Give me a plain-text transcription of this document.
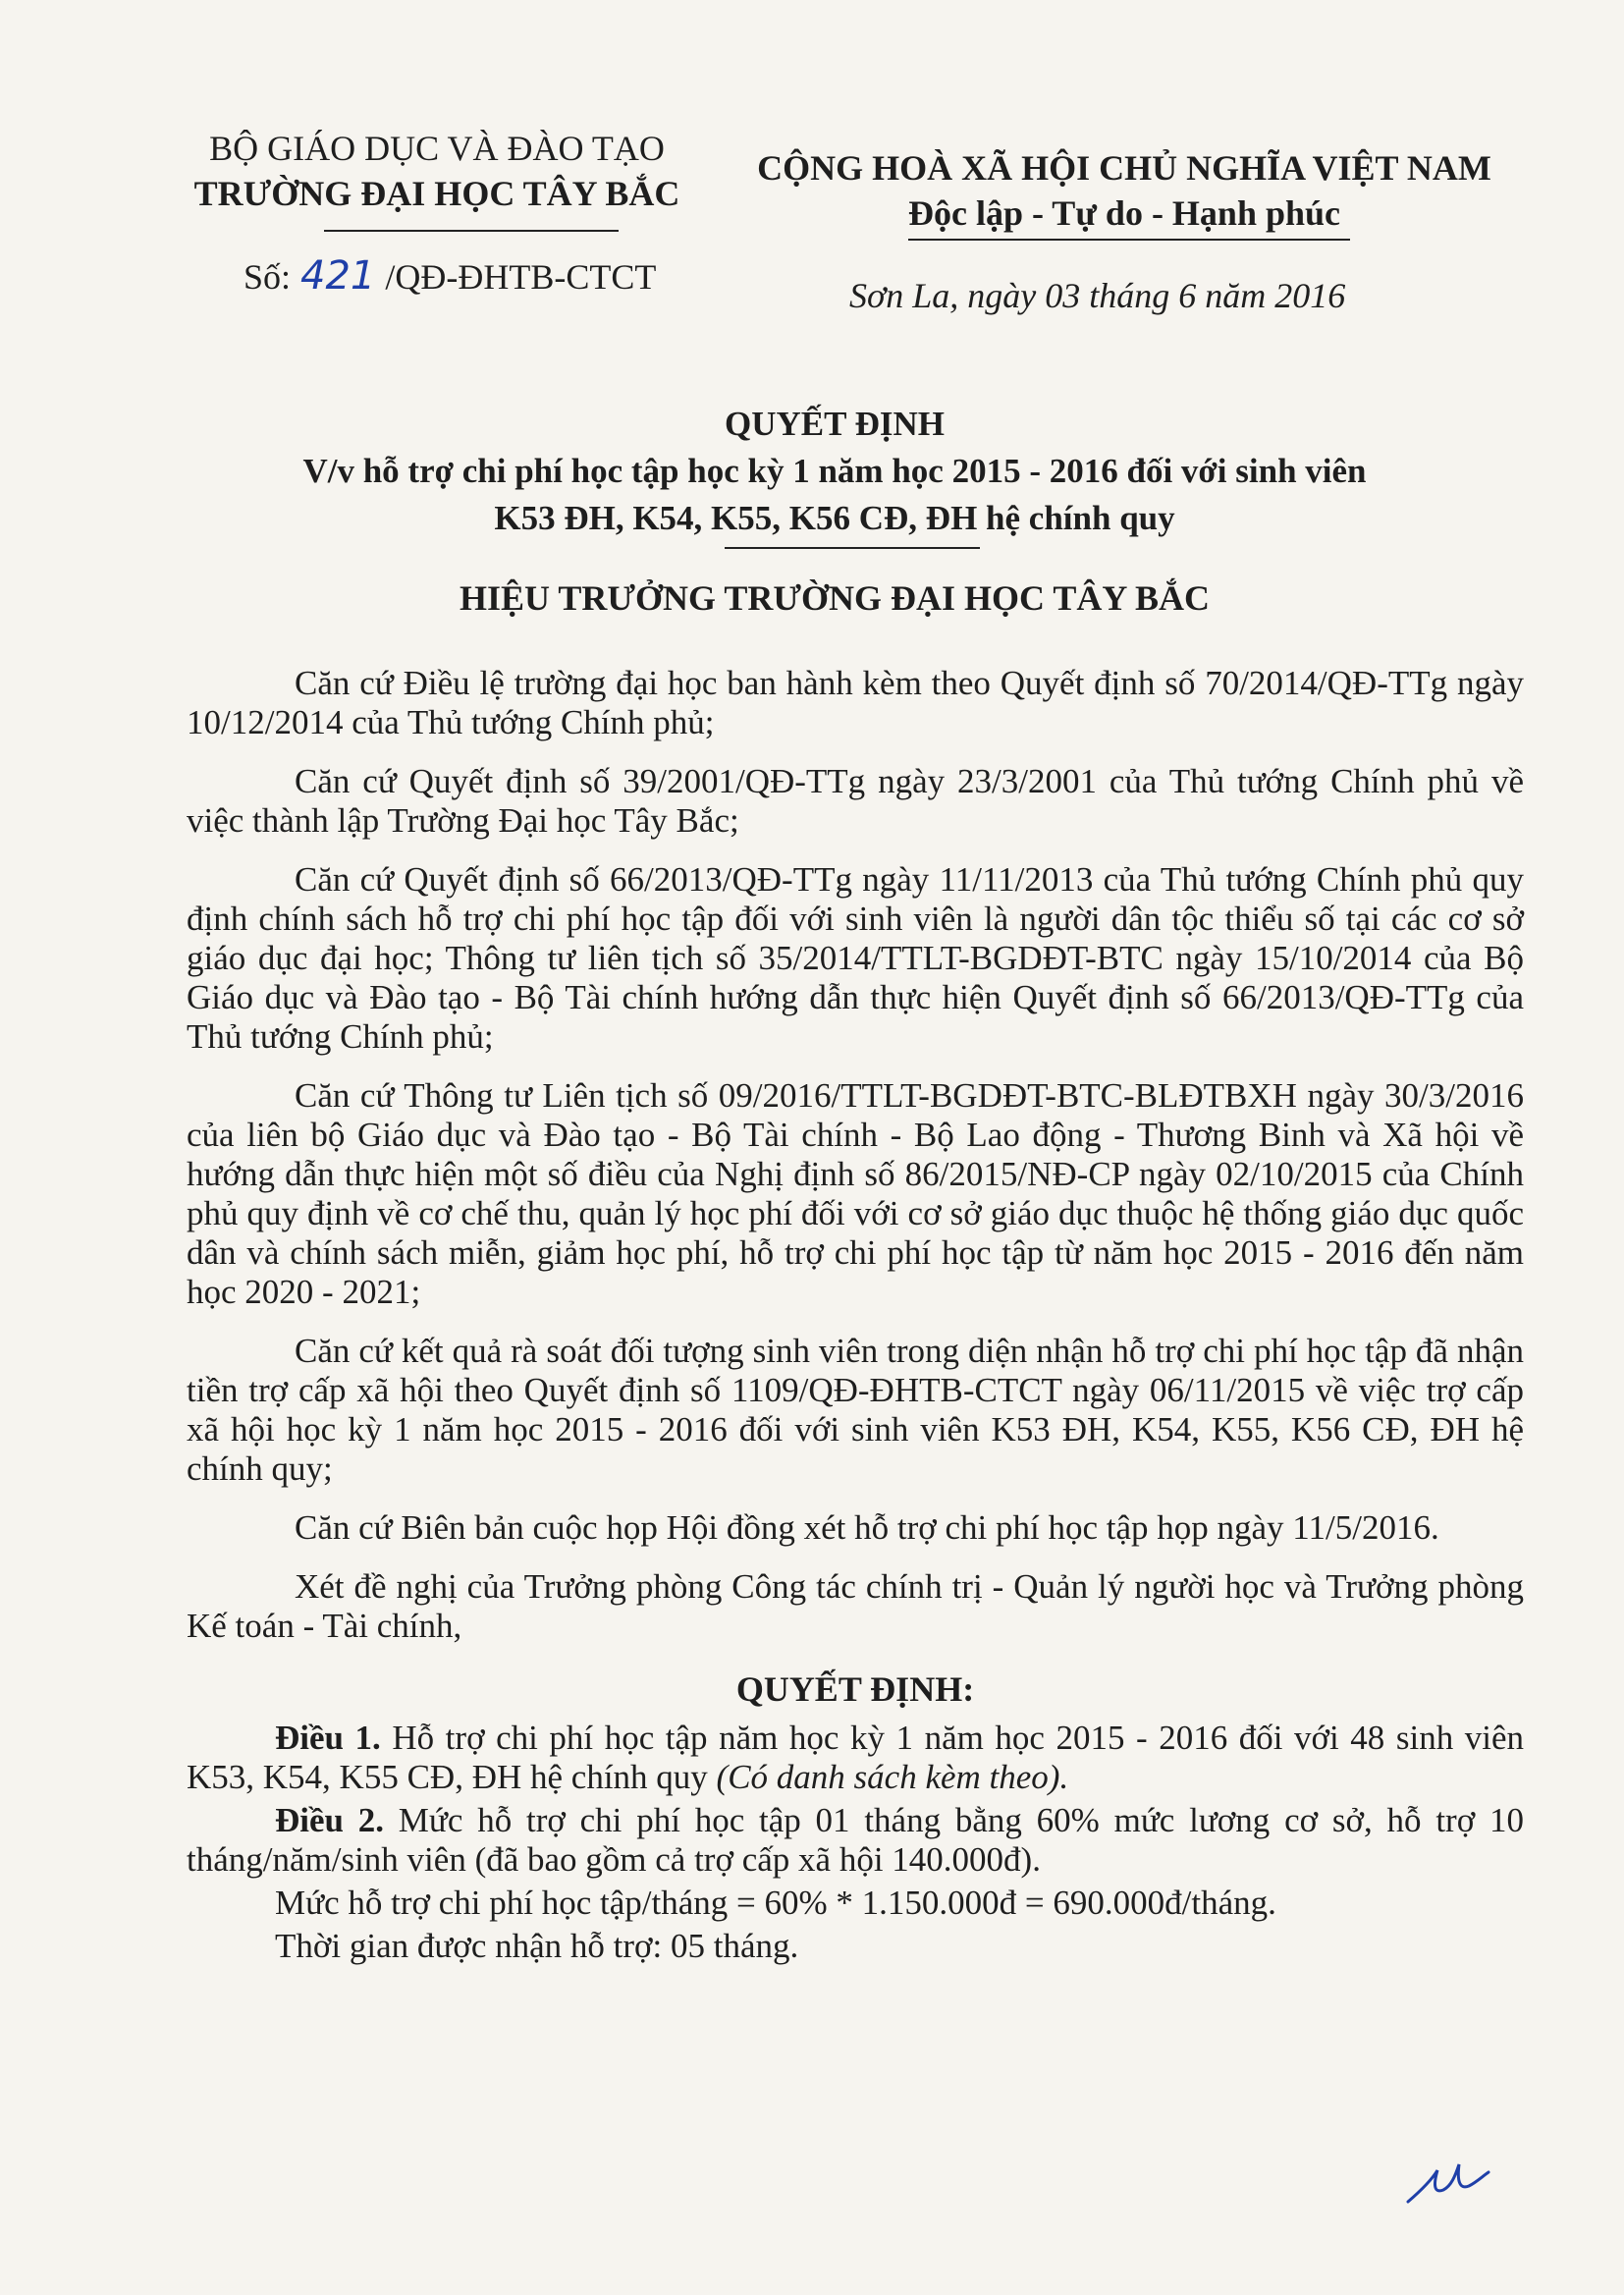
BỘ GIÁO DỤC VÀ ĐÀO TẠO
TRƯỜNG ĐẠI HỌC TÂY BẮC
Số: 421 /QĐ-ĐHTB-CTCT
CỘNG HOÀ XÃ HỘI CHỦ NGHĨA VIỆT NAM
Độc lập - Tự do - Hạnh phúc
Sơn La, ngày 03 tháng 6 năm 2016
QUYẾT ĐỊNH
V/v hỗ trợ chi phí học tập học kỳ 1 năm học 2015 - 2016 đối với sinh viên
K53 ĐH, K54, K55, K56 CĐ, ĐH hệ chính quy
HIỆU TRƯỞNG TRƯỜNG ĐẠI HỌC TÂY BẮC

Căn cứ Điều lệ trường đại học ban hành kèm theo Quyết định số 70/2014/QĐ-TTg ngày 10/12/2014 của Thủ tướng Chính phủ;

Căn cứ Quyết định số 39/2001/QĐ-TTg ngày 23/3/2001 của Thủ tướng Chính phủ về việc thành lập Trường Đại học Tây Bắc;

Căn cứ Quyết định số 66/2013/QĐ-TTg ngày 11/11/2013 của Thủ tướng Chính phủ quy định chính sách hỗ trợ chi phí học tập đối với sinh viên là người dân tộc thiểu số tại các cơ sở giáo dục đại học; Thông tư liên tịch số 35/2014/TTLT-BGDĐT-BTC ngày 15/10/2014 của Bộ Giáo dục và Đào tạo - Bộ Tài chính hướng dẫn thực hiện Quyết định số 66/2013/QĐ-TTg của Thủ tướng Chính phủ;

Căn cứ Thông tư Liên tịch số 09/2016/TTLT-BGDĐT-BTC-BLĐTBXH ngày 30/3/2016 của liên bộ Giáo dục và Đào tạo - Bộ Tài chính - Bộ Lao động - Thương Binh và Xã hội về hướng dẫn thực hiện một số điều của Nghị định số 86/2015/NĐ-CP ngày 02/10/2015 của Chính phủ quy định về cơ chế thu, quản lý học phí đối với cơ sở giáo dục thuộc hệ thống giáo dục quốc dân và chính sách miễn, giảm học phí, hỗ trợ chi phí học tập từ năm học 2015 - 2016 đến năm học 2020 - 2021;

Căn cứ kết quả rà soát đối tượng sinh viên trong diện nhận hỗ trợ chi phí học tập đã nhận tiền trợ cấp xã hội theo Quyết định số 1109/QĐ-ĐHTB-CTCT ngày 06/11/2015 về việc trợ cấp xã hội học kỳ 1 năm học 2015 - 2016 đối với sinh viên K53 ĐH, K54, K55, K56 CĐ, ĐH hệ chính quy;

Căn cứ Biên bản cuộc họp Hội đồng xét hỗ trợ chi phí học tập họp ngày 11/5/2016.

Xét đề nghị của Trưởng phòng Công tác chính trị - Quản lý người học và Trưởng phòng Kế toán - Tài chính,

QUYẾT ĐỊNH:

Điều 1. Hỗ trợ chi phí học tập năm học kỳ 1 năm học 2015 - 2016 đối với 48 sinh viên K53, K54, K55 CĐ, ĐH hệ chính quy (Có danh sách kèm theo).

Điều 2. Mức hỗ trợ chi phí học tập 01 tháng bằng 60% mức lương cơ sở, hỗ trợ 10 tháng/năm/sinh viên (đã bao gồm cả trợ cấp xã hội 140.000đ).

Mức hỗ trợ chi phí học tập/tháng = 60% * 1.150.000đ = 690.000đ/tháng.

Thời gian được nhận hỗ trợ: 05 tháng.
